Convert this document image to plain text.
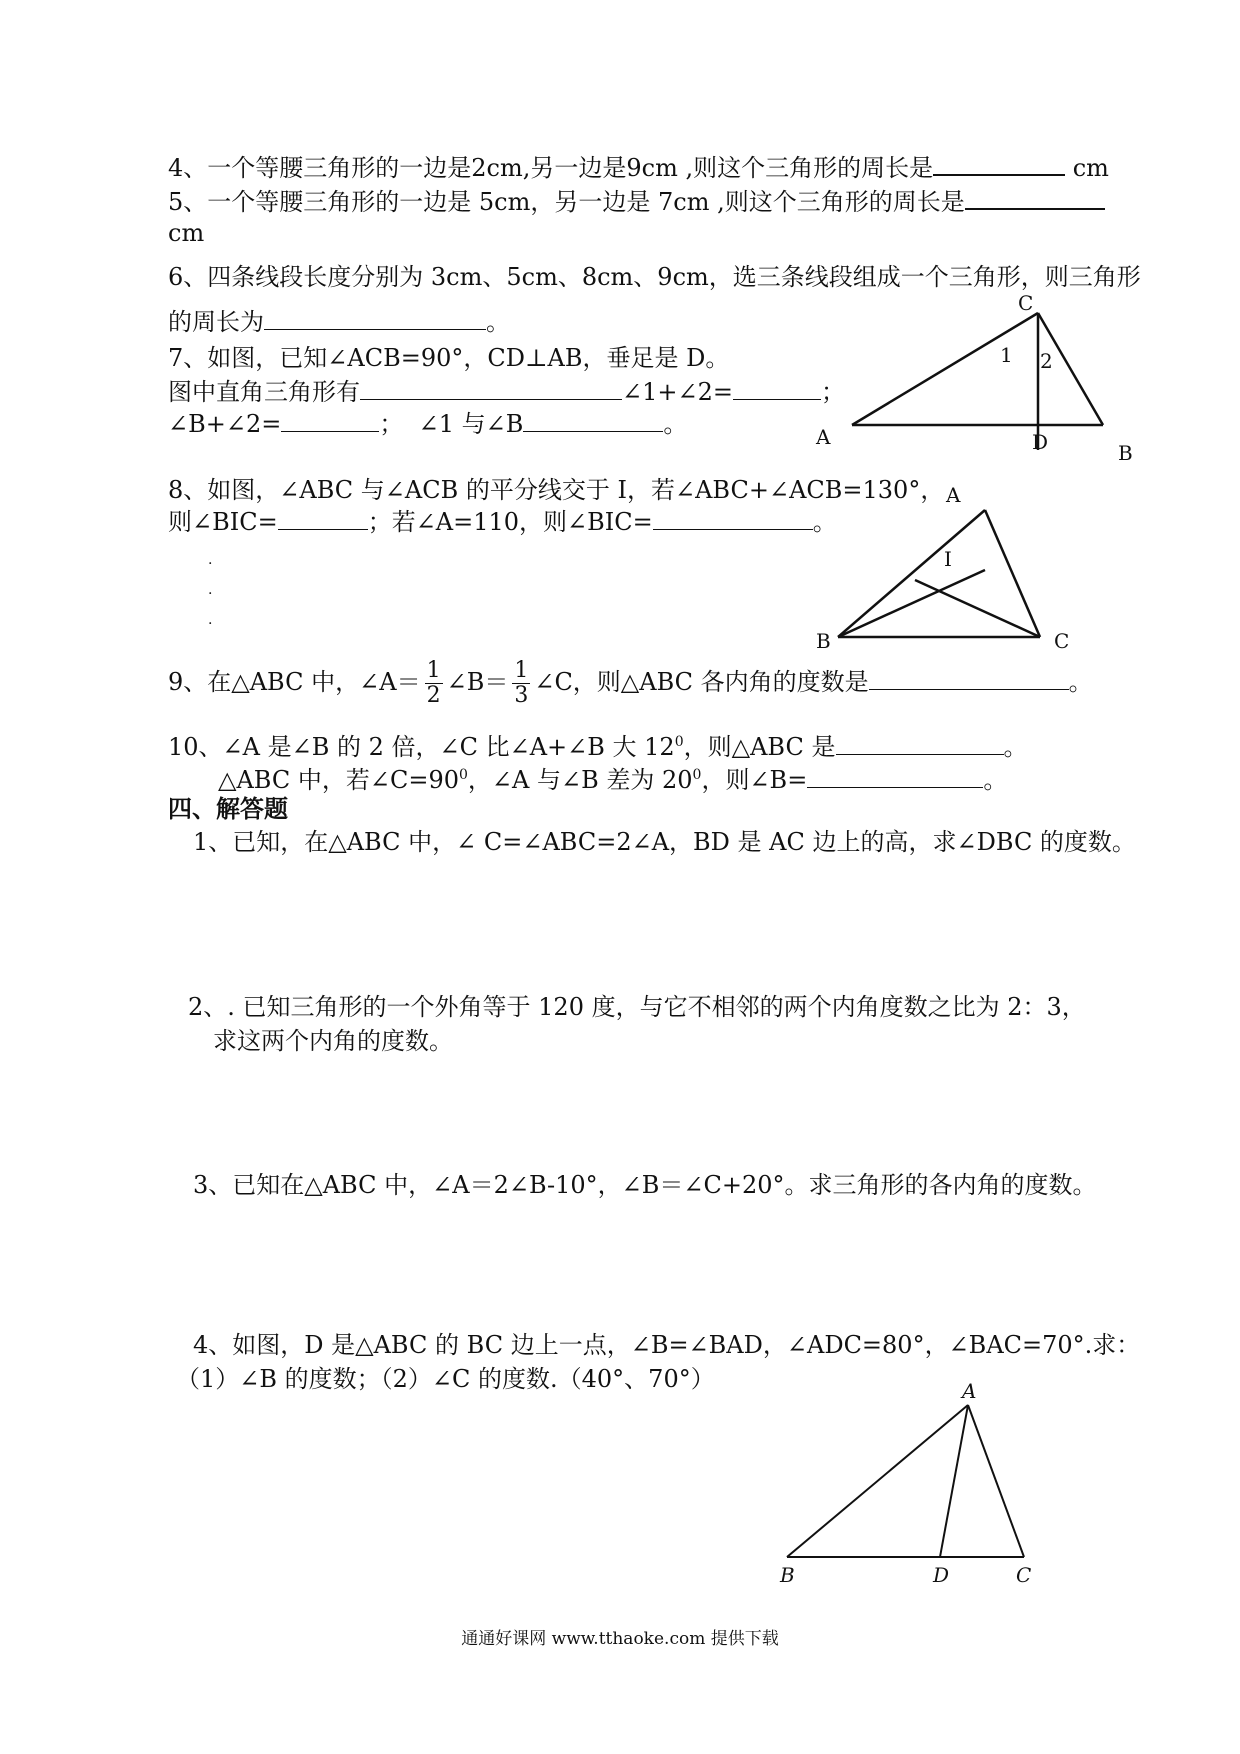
4、一个等腰三角形的一边是2cm,另一边是9cm ,则这个三角形的周长是	cm
5、一个等腰三角形的一边是 5cm，另一边是 7cm ,则这个三角形的周长是
cm
6、四条线段长度分别为 3cm、5cm、8cm、9cm，选三条线段组成一个三角形，则三角形
的周长为	。
7、如图，已知∠ACB=90°，CD⊥AB，垂足是 D。
图中直角三角形有	∠1+∠2=	；
∠B+∠2=	； ∠1 与∠B	。
C
A	D	B
1 2
8、如图，∠ABC 与∠ACB 的平分线交于 I，若∠ABC+∠ACB=130°，
则∠BIC=	；若∠A=110，则∠BIC=	。
.
.
.
A
I
B	C
9、在△ABC 中，∠A＝ $\frac{1}{2}$ ∠B＝ $\frac{1}{3}$ ∠C，则△ABC 各内角的度数是	。
10、∠A 是∠B 的 2 倍，∠C 比∠A+∠B 大 $12^0$，则△ABC 是	。
△ABC 中，若$\angle C=90^0$，∠A 与∠B 差为 $20^0$，则∠B=	。
四、解答题
1、已知，在△ABC 中，∠ C=∠ABC=2∠A，BD 是 AC 边上的高，求∠DBC 的度数。
2、. 已知三角形的一个外角等于 120 度，与它不相邻的两个内角度数之比为 2：3，
求这两个内角的度数。
3、已知在△ABC 中，∠A＝2∠B-10°，∠B＝∠C+20°。求三角形的各内角的度数。
4、如图，D 是△ABC 的 BC 边上一点，∠B=∠BAD，∠ADC=80°，∠BAC=70°.求：
（1）∠B 的度数；（2）∠C 的度数.（40°、70°）	A
B	D	C
通通好课网 www.tthaoke.com 提供下载
